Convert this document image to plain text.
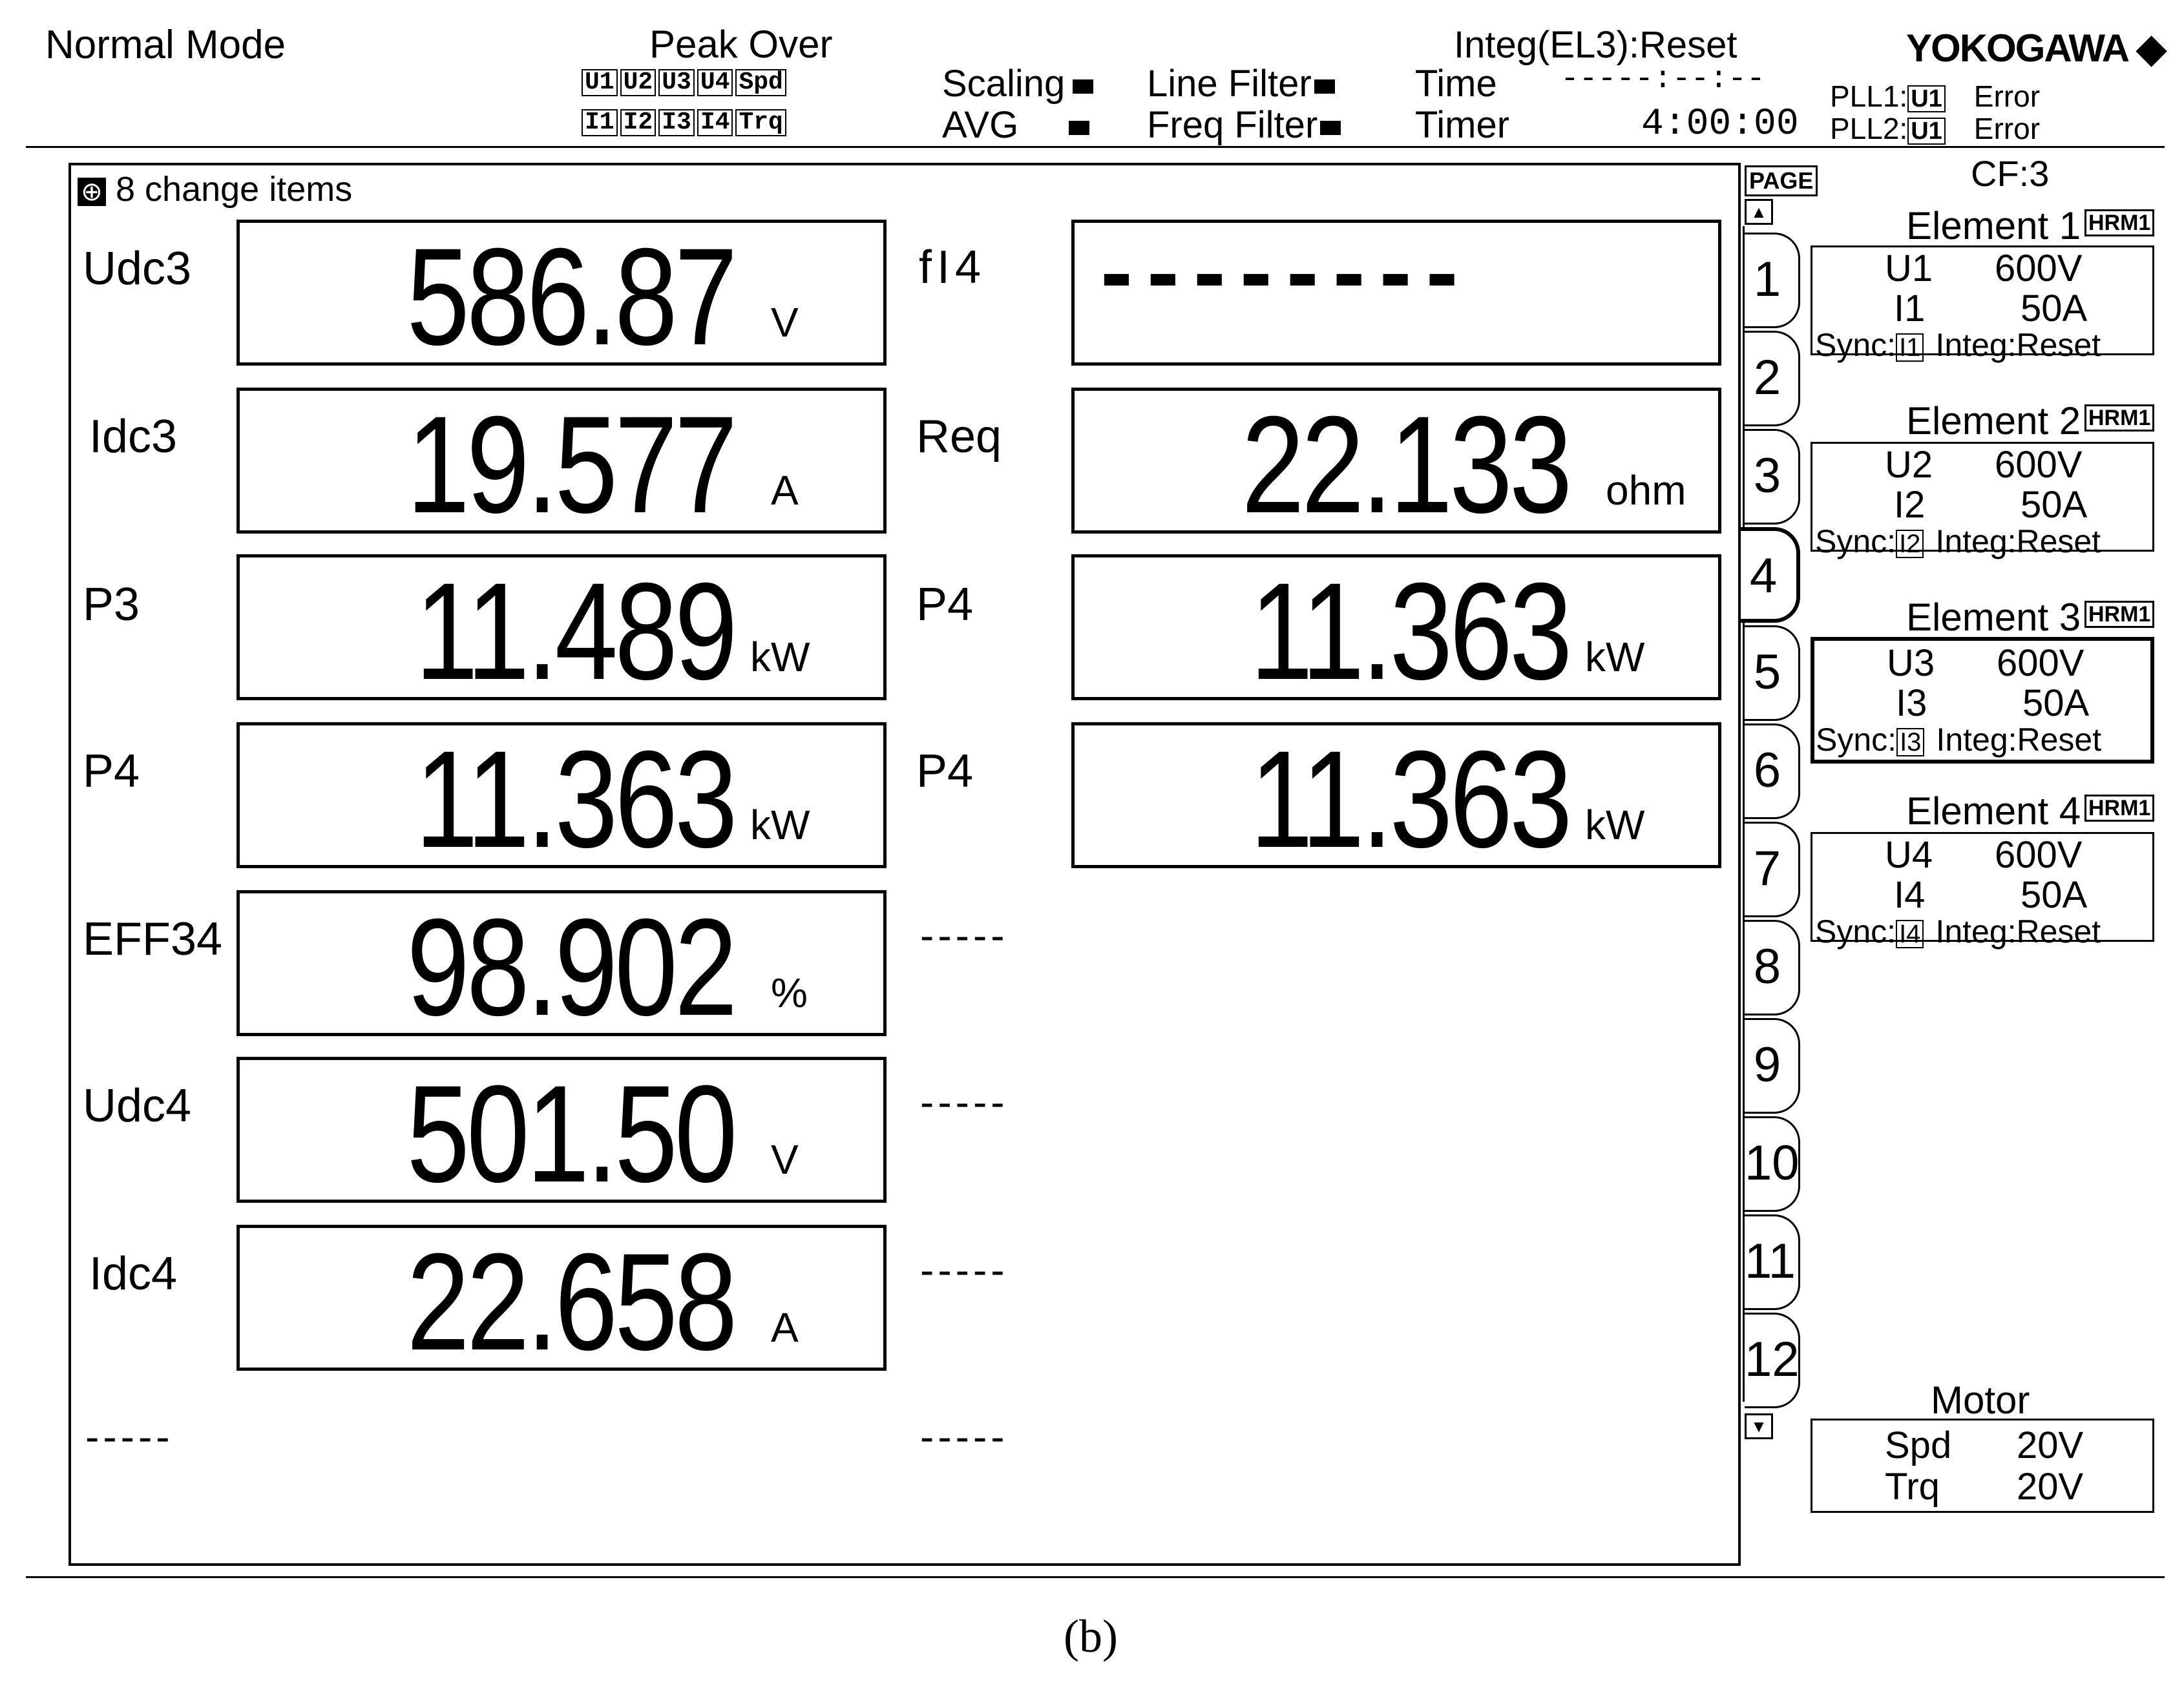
Normal Mode	Peak Over
U1 U2 U3 U4 Spd
I1 I2 I3 I4 Trq
Scaling
AVG
Line Filter
Freq Filter
Integ(EL3):Reset
Time -----:--:--
Timer	4:00:00
YOKOGAWA ◆
PLL1: U1 Error
PLL2: U1 Error
⊕ 8 change items
Udc3 586.87 V
Idc3 19.577 A
P3 11.489 kW
P4 11.363 kW
EFF34 98.902 %
Udc4 501.50 V
Idc4 22.658 A
-----
fI4 --------
Req 22.133 ohm
P4 11.363 kW
P4 11.363 kW
-----
-----
-----
-----
PAGE
▲
1
2
3
4
5
6
7
8
9
10
11
12
▼
CF:3
Element 1 HRM1
U1 600V
I1	50A
Sync: I1 Integ:Reset
Element 2 HRM1
U2 600V
I2	50A
Sync: I2 Integ:Reset
Element 3 HRM1
U3 600V
I3	50A
Sync: I3 Integ:Reset
Element 4 HRM1
U4 600V
I4	50A
Sync: I4 Integ:Reset
Motor
Spd 20V
Trq 20V
(b)
